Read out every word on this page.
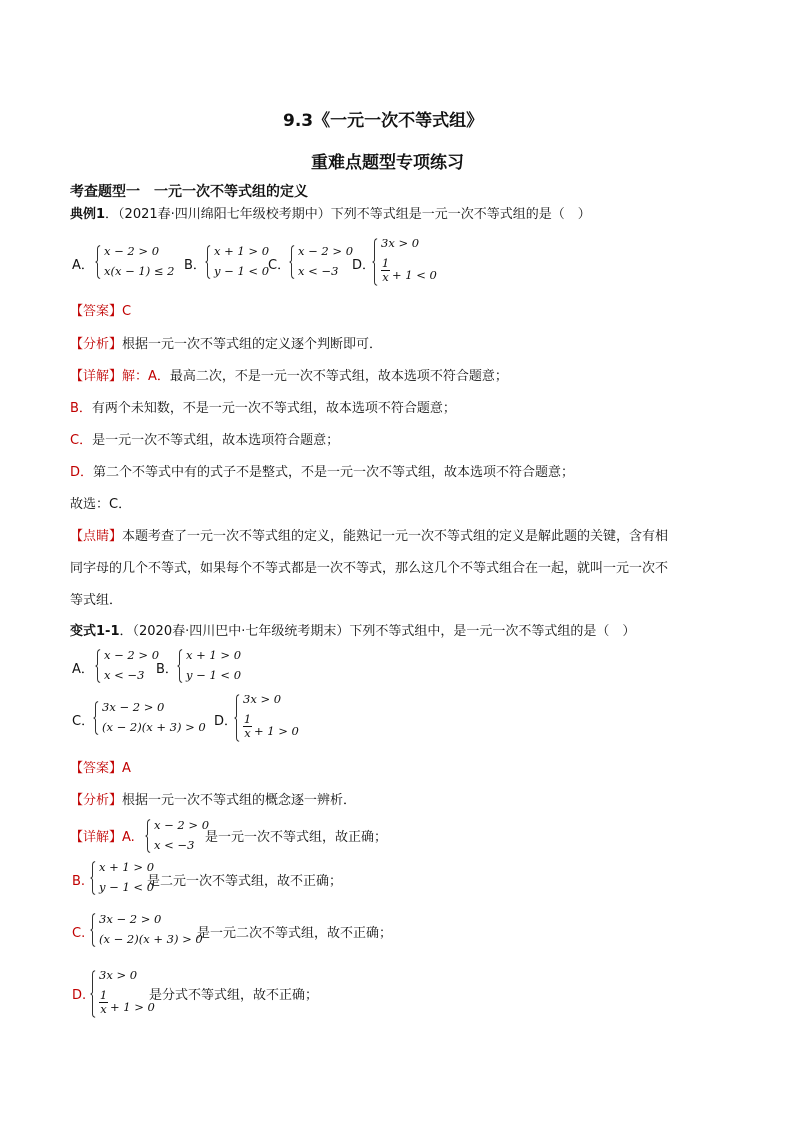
9.3《一元一次不等式组》
重难点题型专项练习
考查题型一　一元一次不等式组的定义
典例1．（2021春·四川绵阳七年级校考期中）下列不等式组是一元一次不等式组的是（　）
A．
x − 2 > 0
x(x − 1) ≤ 2 B．
x + 1 > 0
y − 1 < 0
C．
x − 2 > 0
x < −3 D．
3x > 0
1
x + 1 < 0
【答案】C
【分析】根据一元一次不等式组的定义逐个判断即可．
【详解】解：A．最高二次，不是一元一次不等式组，故本选项不符合题意；
B．有两个未知数，不是一元一次不等式组，故本选项不符合题意；
C．是一元一次不等式组，故本选项符合题意；
D．第二个不等式中有的式子不是整式，不是一元一次不等式组，故本选项不符合题意；
故选：C．
【点睛】本题考查了一元一次不等式组的定义，能熟记一元一次不等式组的定义是解此题的关键，含有相
同字母的几个不等式，如果每个不等式都是一次不等式，那么这几个不等式组合在一起，就叫一元一次不
等式组．
变式1-1．（2020春·四川巴中·七年级统考期末）下列不等式组中，是一元一次不等式组的是（　）
A．
x − 2 > 0
x < −3 B．
x + 1 > 0
y − 1 < 0
C．
3x − 2 > 0
(x − 2)(x + 3) > 0 D．
3x > 0
1
x + 1 > 0
【答案】A
【分析】根据一元一次不等式组的概念逐一辨析．
【详解】A.
x − 2 > 0
x < −3 是一元一次不等式组，故正确；
B.
x + 1 > 0
y − 1 < 0
是二元一次不等式组，故不正确；
C.
3x − 2 > 0
(x − 2)(x + 3) > 0
是一元二次不等式组，故不正确；
D.
3x > 0
1
x + 1 > 0
是分式不等式组，故不正确；
